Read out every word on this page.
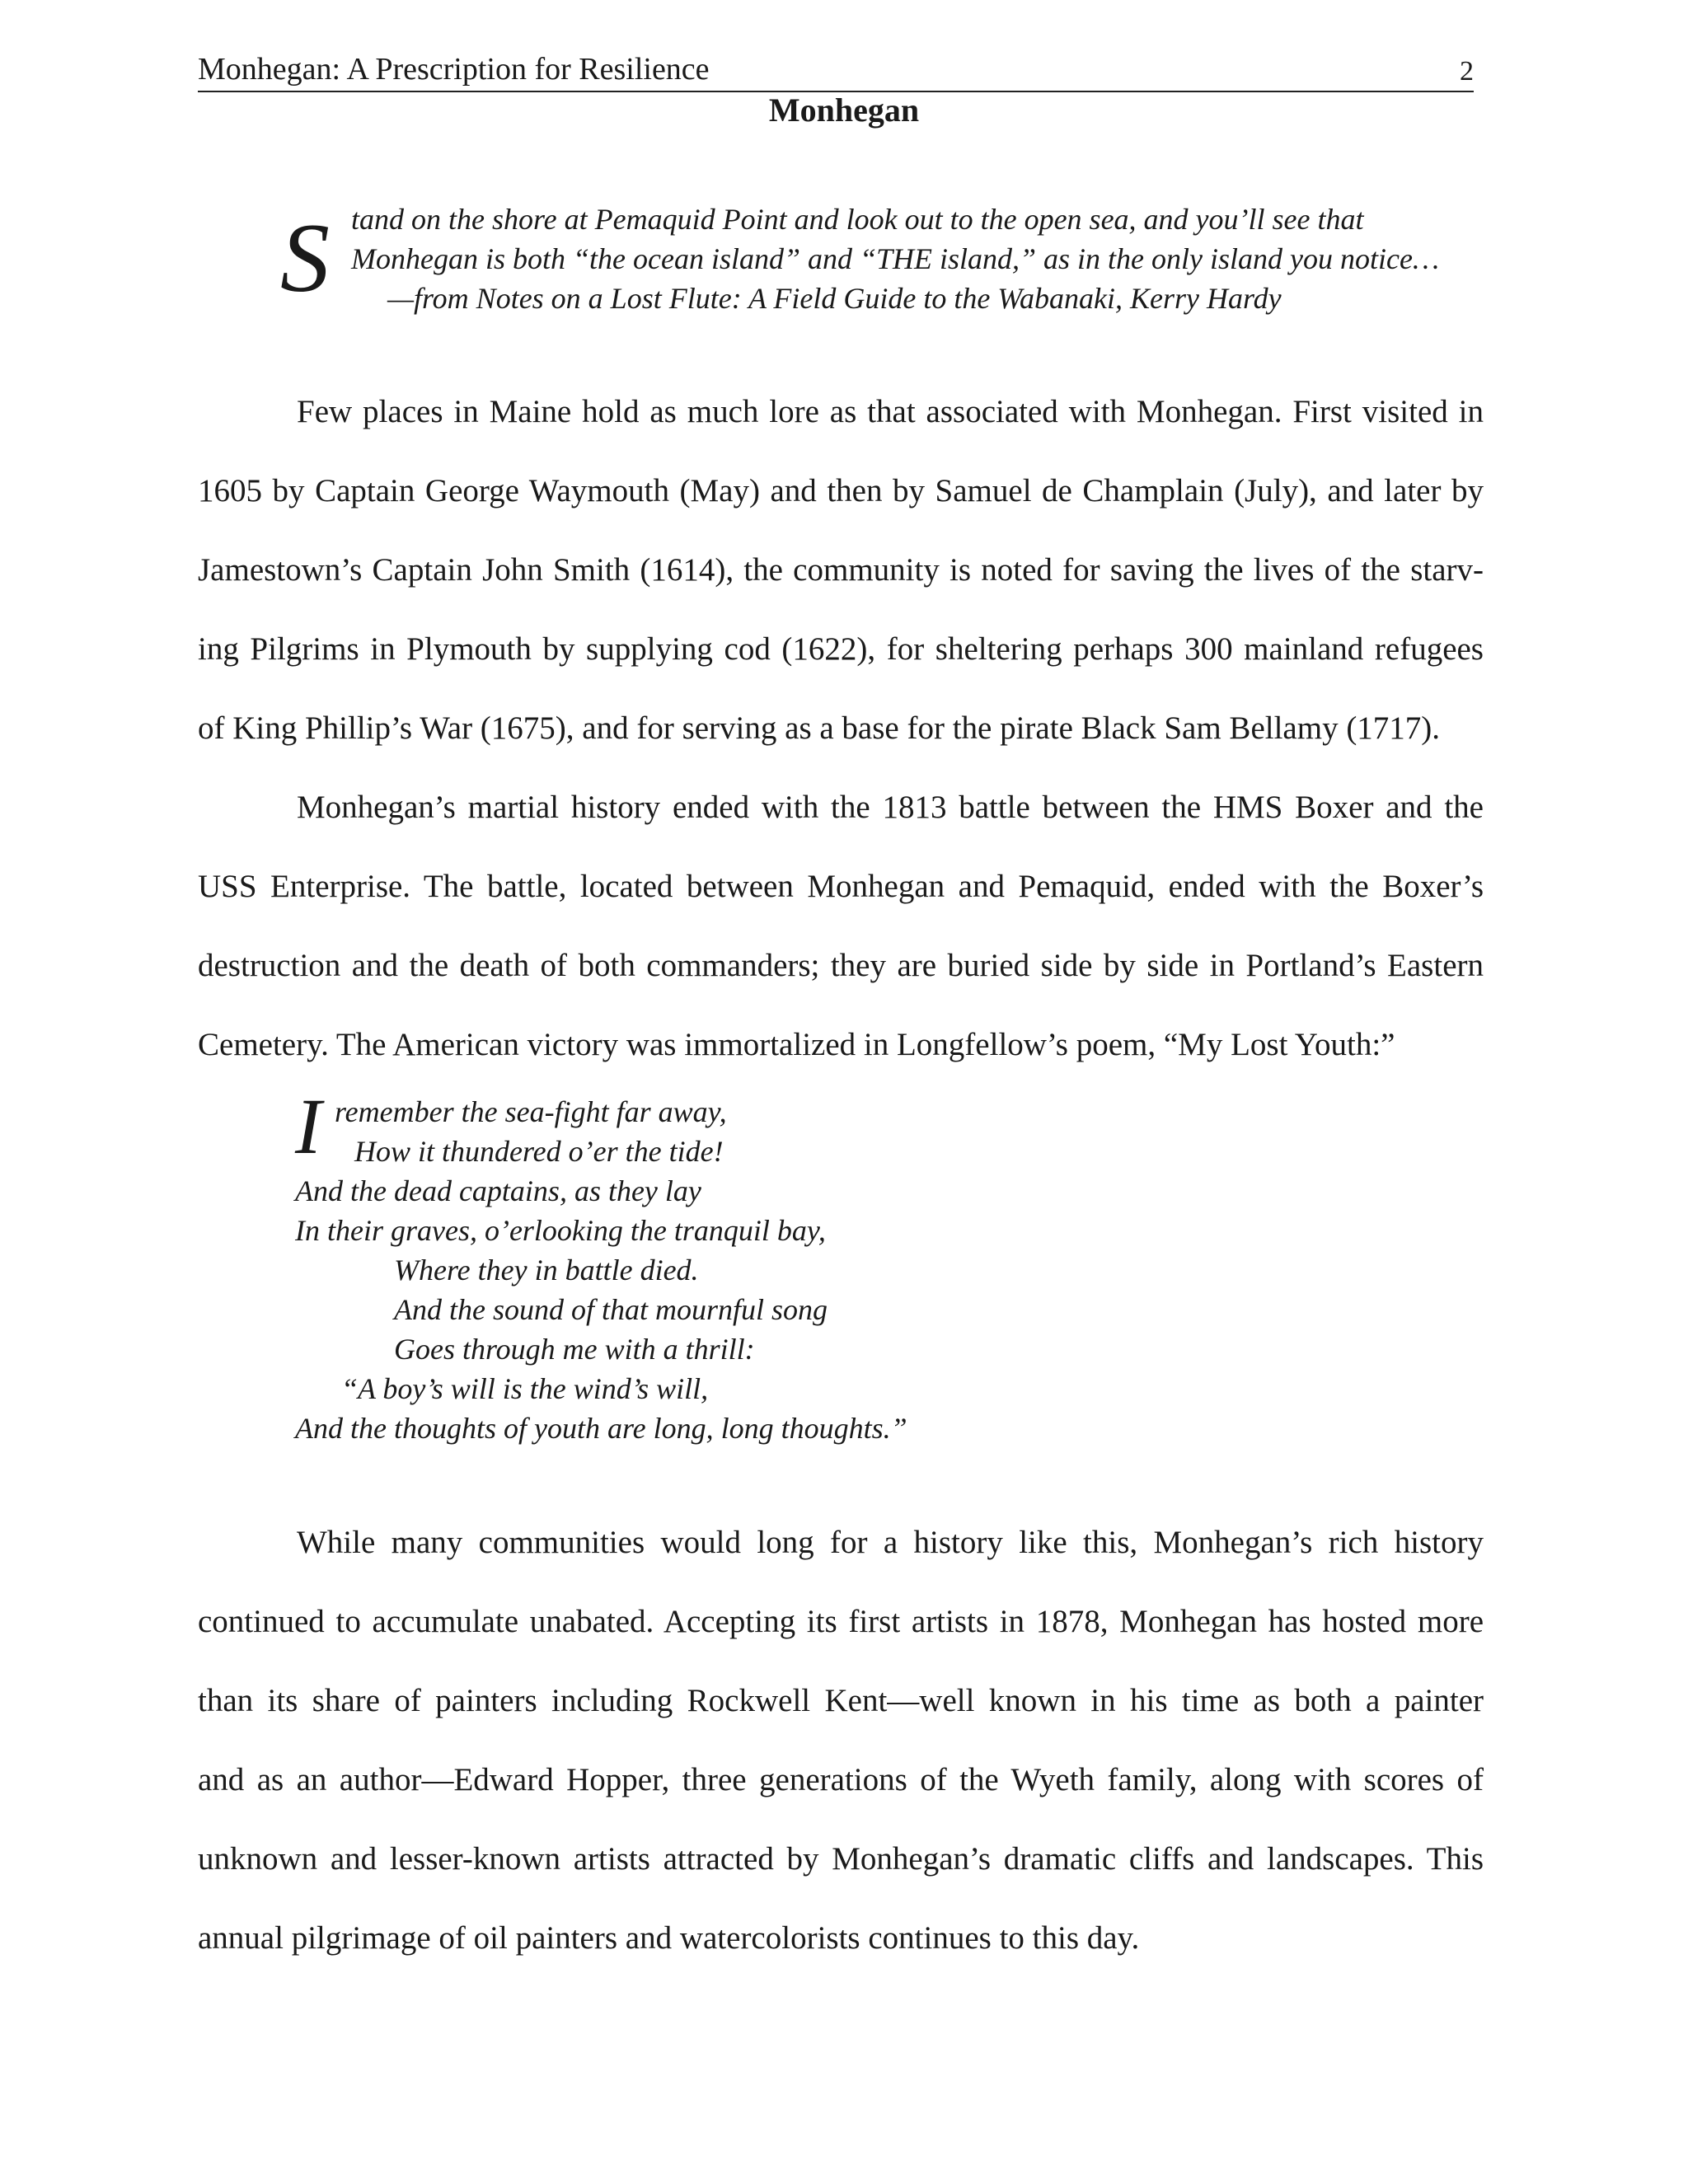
Monhegan: A Prescription for Resilience	2
Monhegan
S tand on the shore at Pemaquid Point and look out to the open sea, and you’ll see that
Monhegan is both “the ocean island” and “THE island,” as in the only island you notice…
—from Notes on a Lost Flute: A Field Guide to the Wabanaki, Kerry Hardy
Few places in Maine hold as much lore as that associated with Monhegan. First visited in
1605 by Captain George Waymouth (May) and then by Samuel de Champlain (July), and later by
Jamestown’s Captain John Smith (1614), the community is noted for saving the lives of the starv-
ing Pilgrims in Plymouth by supplying cod (1622), for sheltering perhaps 300 mainland refugees
of King Phillip’s War (1675), and for serving as a base for the pirate Black Sam Bellamy (1717).
Monhegan’s martial history ended with the 1813 battle between the HMS Boxer and the
USS Enterprise. The battle, located between Monhegan and Pemaquid, ended with the Boxer’s
destruction and the death of both commanders; they are buried side by side in Portland’s Eastern
Cemetery. The American victory was immortalized in Longfellow’s poem, “My Lost Youth:”
I remember the sea-fight far away,
How it thundered o’er the tide!
And the dead captains, as they lay
In their graves, o’erlooking the tranquil bay,
Where they in battle died.
And the sound of that mournful song
Goes through me with a thrill:
“A boy’s will is the wind’s will,
And the thoughts of youth are long, long thoughts.”
While many communities would long for a history like this, Monhegan’s rich history
continued to accumulate unabated. Accepting its first artists in 1878, Monhegan has hosted more
than its share of painters including Rockwell Kent—well known in his time as both a painter
and as an author—Edward Hopper, three generations of the Wyeth family, along with scores of
unknown and lesser-known artists attracted by Monhegan’s dramatic cliffs and landscapes. This
annual pilgrimage of oil painters and watercolorists continues to this day.
